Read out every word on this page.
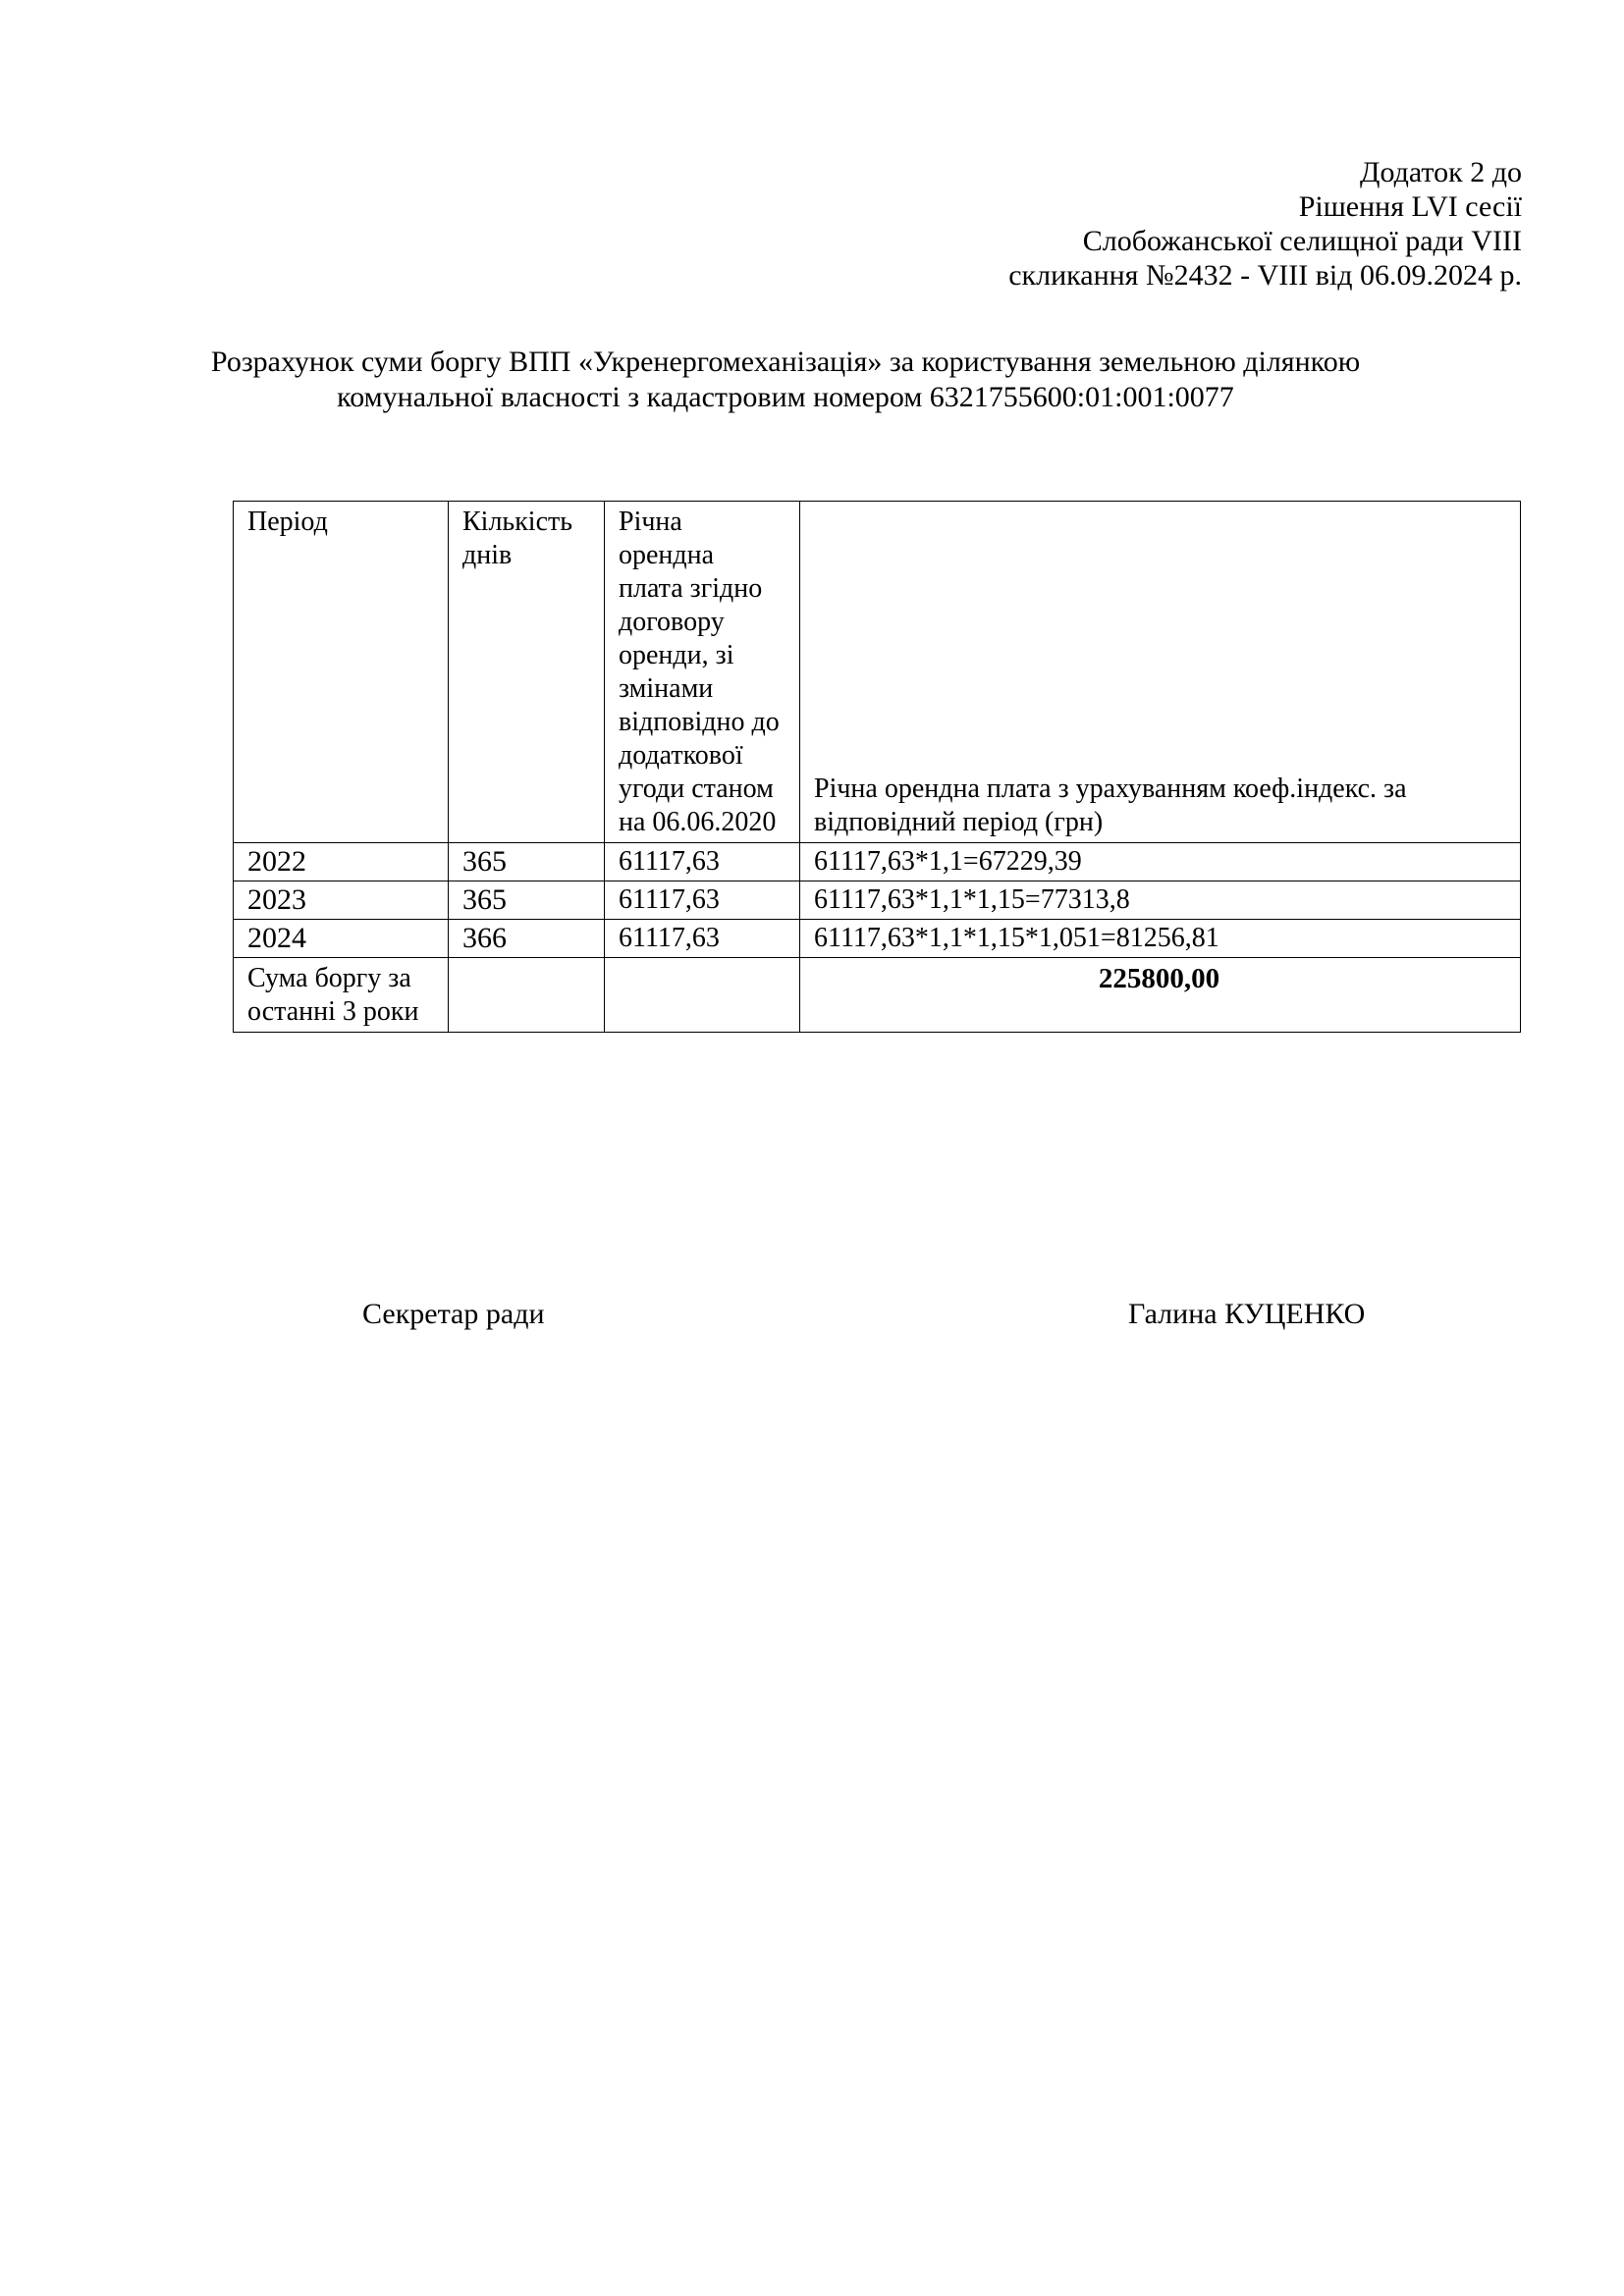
Додаток 2 до
Рішення LVI сесії
Слобожанської селищної ради VIII
скликання №2432 - VIII від 06.09.2024 р.
Розрахунок суми боргу ВПП «Укренергомеханізація» за користування земельною ділянкою
комунальної власності з кадастровим номером 6321755600:01:001:0077
Період	Кількість днів	Річна орендна плата згідно договору оренди, зі змінами відповідно до додаткової угоди станом на 06.06.2020	Річна орендна плата з урахуванням коеф.індекс. за відповідний період (грн)
2022	365	61117,63	61117,63*1,1=67229,39
2023	365	61117,63	61117,63*1,1*1,15=77313,8
2024	366	61117,63	61117,63*1,1*1,15*1,051=81256,81
Сума боргу за останні 3 роки			225800,00
Секретар ради	Галина КУЦЕНКО
